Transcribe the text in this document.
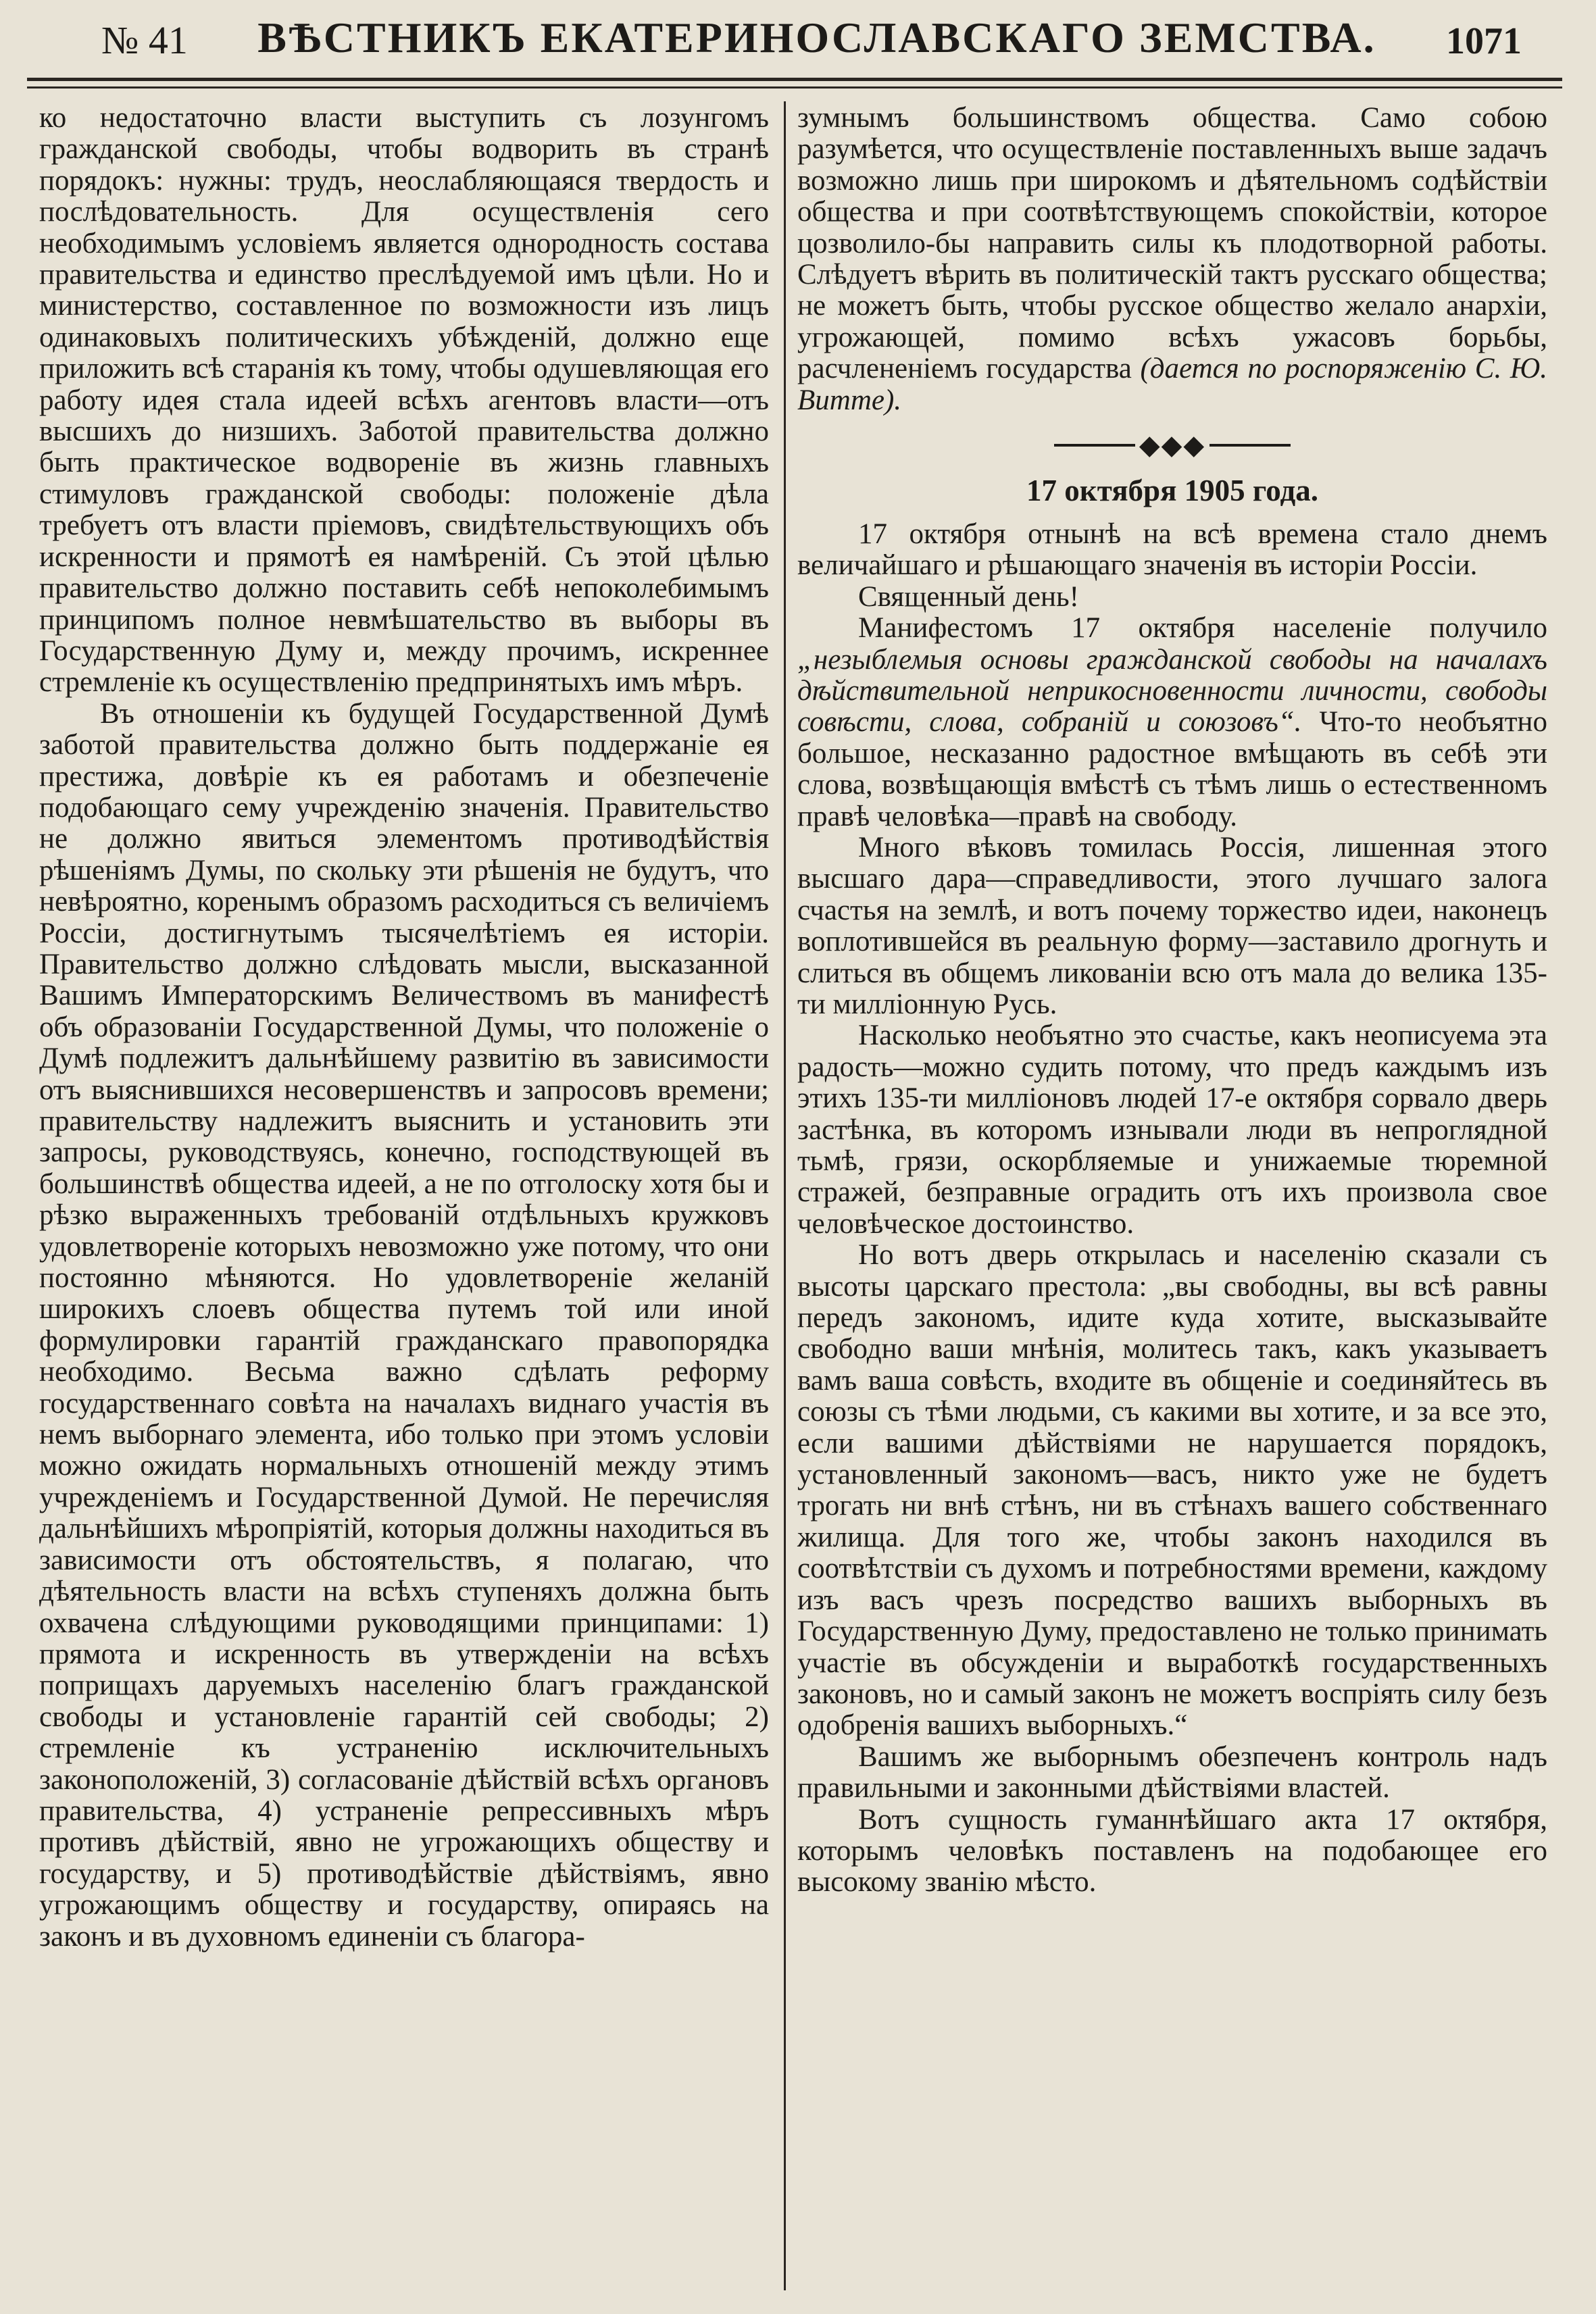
№ 41 ВѢСТНИКЪ ЕКАТЕРИНОСЛАВСКАГО ЗЕМСТВА. 1071

ко недостаточно власти выступить съ лозунгомъ гражданской свободы, чтобы водворить въ странѣ порядокъ: нужны: трудъ, неослабляющаяся твердость и послѣдовательность. Для осуществленія сего необходимымъ условіемъ является однородность состава правительства и единство преслѣдуемой имъ цѣли. Но и министерство, составленное по возможности изъ лицъ одинаковыхъ политическихъ убѣжденій, должно еще приложить всѣ старанія къ тому, чтобы одушевляющая его работу идея стала идеей всѣхъ агентовъ власти—отъ высшихъ до низшихъ. Заботой правительства должно быть практическое водвореніе въ жизнь главныхъ стимуловъ гражданской свободы: положеніе дѣла требуетъ отъ власти пріемовъ, свидѣтельствующихъ объ искренности и прямотѣ ея намѣреній. Съ этой цѣлью правительство должно поставить себѣ непоколебимымъ принципомъ полное невмѣшательство въ выборы въ Государственную Думу и, между прочимъ, искреннее стремленіе къ осуществленію предпринятыхъ имъ мѣръ.

Въ отношеніи къ будущей Государственной Думѣ заботой правительства должно быть поддержаніе ея престижа, довѣріе къ ея работамъ и обезпеченіе подобающаго сему учрежденію значенія. Правительство не должно явиться элементомъ противодѣйствія рѣшеніямъ Думы, по скольку эти рѣшенія не будутъ, что невѣроятно, коренымъ образомъ расходиться съ величіемъ Россіи, достигнутымъ тысячелѣтіемъ ея исторіи. Правительство должно слѣдовать мысли, высказанной Вашимъ Императорскимъ Величествомъ въ манифестѣ объ образованіи Государственной Думы, что положеніе о Думѣ подлежитъ дальнѣйшему развитію въ зависимости отъ выяснившихся несовершенствъ и запросовъ времени; правительству надлежитъ выяснить и установить эти запросы, руководствуясь, конечно, господствующей въ большинствѣ общества идеей, а не по отголоску хотя бы и рѣзко выраженныхъ требованій отдѣльныхъ кружковъ удовлетвореніе которыхъ невозможно уже потому, что они постоянно мѣняются. Но удовлетвореніе желаній широкихъ слоевъ общества путемъ той или иной формулировки гарантій гражданскаго правопорядка необходимо. Весьма важно сдѣлать реформу государственнаго совѣта на началахъ виднаго участія въ немъ выборнаго элемента, ибо только при этомъ условіи можно ожидать нормальныхъ отношеній между этимъ учрежденіемъ и Государственной Думой. Не перечисляя дальнѣйшихъ мѣропріятій, которыя должны находиться въ зависимости отъ обстоятельствъ, я полагаю, что дѣятельность власти на всѣхъ ступеняхъ должна быть охвачена слѣдующими руководящими принципами: 1) прямота и искренность въ утвержденіи на всѣхъ поприщахъ даруемыхъ населенію благъ гражданской свободы и установленіе гарантій сей свободы; 2) стремленіе къ устраненію исключительныхъ законоположеній, 3) согласованіе дѣйствій всѣхъ органовъ правительства, 4) устраненіе репрессивныхъ мѣръ противъ дѣйствій, явно не угрожающихъ обществу и государству, и 5) противодѣйствіе дѣйствіямъ, явно угрожающимъ обществу и государству, опираясь на законъ и въ духовномъ единеніи съ благора-

зумнымъ большинствомъ общества. Само собою разумѣется, что осуществленіе поставленныхъ выше задачъ возможно лишь при широкомъ и дѣятельномъ содѣйствіи общества и при соотвѣтствующемъ спокойствіи, которое цозволило-бы направить силы къ плодотворной работы. Слѣдуетъ вѣрить въ политическій тактъ русскаго общества; не можетъ быть, чтобы русское общество желало анархіи, угрожающей, помимо всѣхъ ужасовъ борьбы, расчлененіемъ государства (дается по роспоряженію С. Ю. Витте).

◆◆◆
17 октября 1905 года.

17 октября отнынѣ на всѣ времена стало днемъ величайшаго и рѣшающаго значенія въ исторіи Россіи.

Священный день!

Манифестомъ 17 октября населеніе получило „незыблемыя основы гражданской свободы на началахъ дѣйствительной неприкосновенности личности, свободы совѣсти, слова, собраній и союзовъ“. Что-то необъятно большое, несказанно радостное вмѣщають въ себѣ эти слова, возвѣщающія вмѣстѣ съ тѣмъ лишь о естественномъ правѣ человѣка—правѣ на свободу.

Много вѣковъ томилась Россія, лишенная этого высшаго дара—справедливости, этого лучшаго залога счастья на землѣ, и вотъ почему торжество идеи, наконецъ воплотившейся въ реальную форму—заставило дрогнуть и слиться въ общемъ ликованіи всю отъ мала до велика 135-ти милліонную Русь.

Насколько необъятно это счастье, какъ неописуема эта радость—можно судить потому, что предъ каждымъ изъ этихъ 135-ти милліоновъ людей 17-е октября сорвало дверь застѣнка, въ которомъ изнывали люди въ непроглядной тьмѣ, грязи, оскорбляемые и унижаемые тюремной стражей, безправные оградить отъ ихъ произвола свое человѣческое достоинство.

Но вотъ дверь открылась и населенію сказали съ высоты царскаго престола: „вы свободны, вы всѣ равны передъ закономъ, идите куда хотите, высказывайте свободно ваши мнѣнія, молитесь такъ, какъ указываетъ вамъ ваша совѣсть, входите въ общеніе и соединяйтесь въ союзы съ тѣми людьми, съ какими вы хотите, и за все это, если вашими дѣйствіями не нарушается порядокъ, установленный закономъ—васъ, никто уже не будетъ трогать ни внѣ стѣнъ, ни въ стѣнахъ вашего собственнаго жилища. Для того же, чтобы законъ находился въ соотвѣтствіи съ духомъ и потребностями времени, каждому изъ васъ чрезъ посредство вашихъ выборныхъ въ Государственную Думу, предоставлено не только принимать участіе въ обсужденіи и выработкѣ государственныхъ законовъ, но и самый законъ не можетъ воспріять силу безъ одобренія вашихъ выборныхъ.“

Вашимъ же выборнымъ обезпеченъ контроль надъ правильными и законными дѣйствіями властей.

Вотъ сущность гуманнѣйшаго акта 17 октября, которымъ человѣкъ поставленъ на подобающее его высокому званію мѣсто.
